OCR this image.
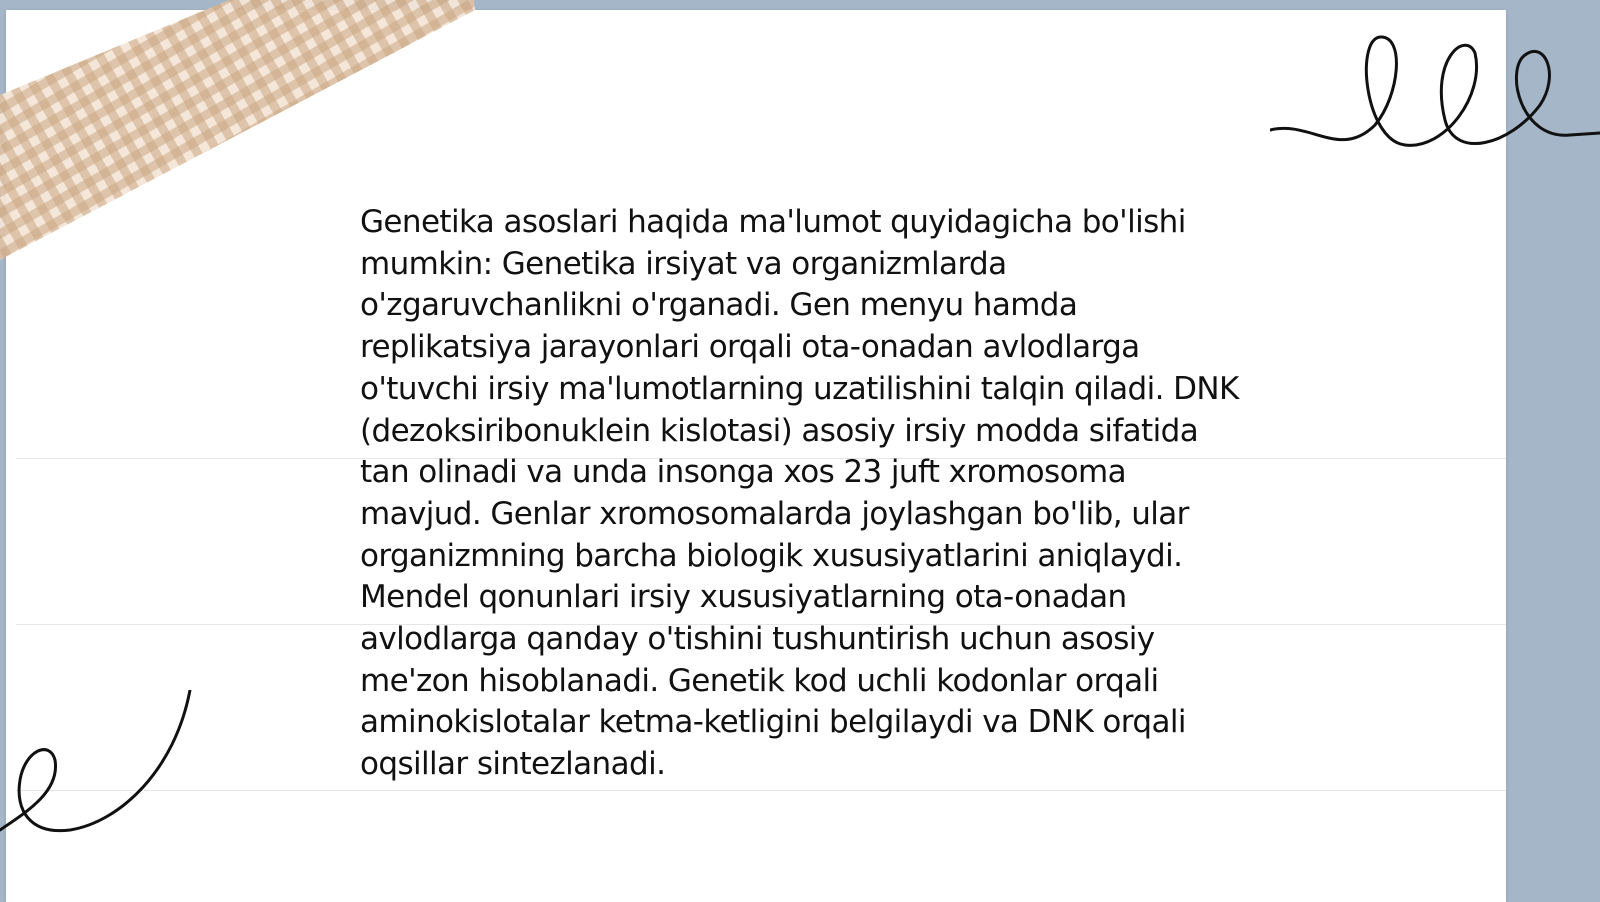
Genetika asoslari haqida ma'lumot quyidagicha bo'lishi mumkin: Genetika irsiyat va organizmlarda o'zgaruvchanlikni o'rganadi. Gen menyu hamda replikatsiya jarayonlari orqali ota-onadan avlodlarga o'tuvchi irsiy ma'lumotlarning uzatilishini talqin qiladi. DNK (dezoksiribonuklein kislotasi) asosiy irsiy modda sifatida tan olinadi va unda insonga xos 23 juft xromosoma mavjud. Genlar xromosomalarda joylashgan bo'lib, ular organizmning barcha biologik xususiyatlarini aniqlaydi. Mendel qonunlari irsiy xususiyatlarning ota-onadan avlodlarga qanday o'tishini tushuntirish uchun asosiy me'zon hisoblanadi. Genetik kod uchli kodonlar orqali aminokislotalar ketma-ketligini belgilaydi va DNK orqali oqsillar sintezlanadi.
